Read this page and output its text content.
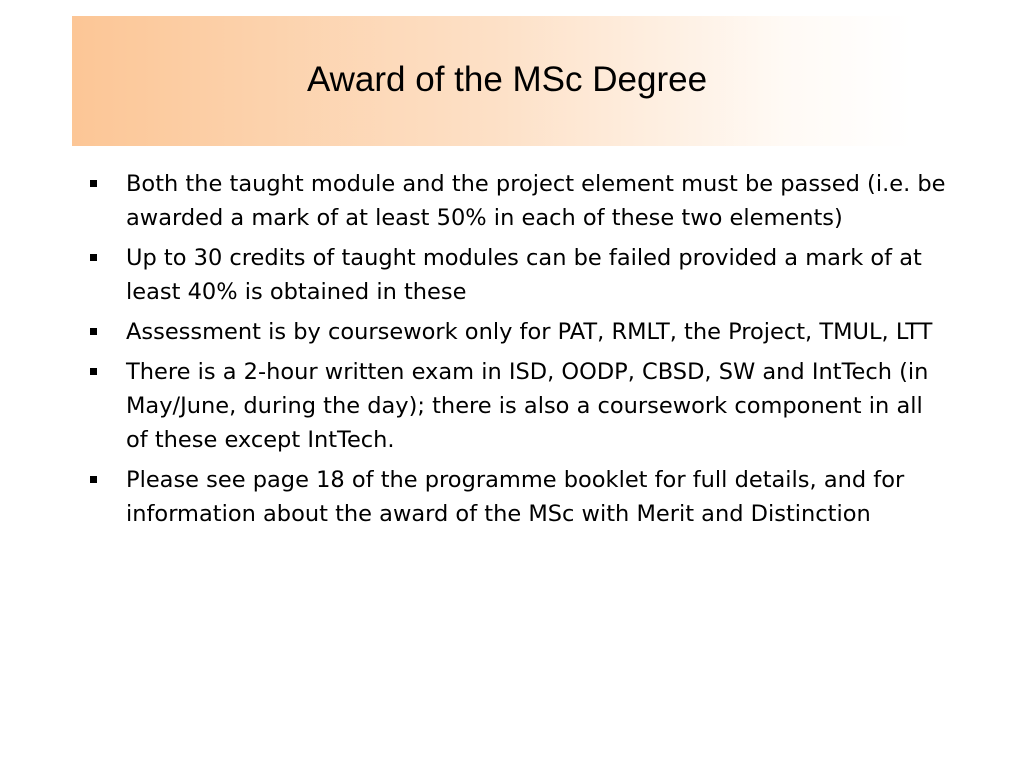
Award of the MSc Degree
Both the taught module and the project element must be passed (i.e. be awarded a mark of at least 50% in each of these two elements)
Up to 30 credits of taught modules can be failed provided a mark of at least 40% is obtained in these
Assessment is by coursework only for PAT, RMLT, the Project, TMUL, LTT
There is a 2-hour written exam in ISD, OODP, CBSD, SW and IntTech (in May/June, during the day); there is also a coursework component in all of these except IntTech.
Please see page 18 of the programme booklet for full details, and for information about the award of the MSc with Merit and Distinction
